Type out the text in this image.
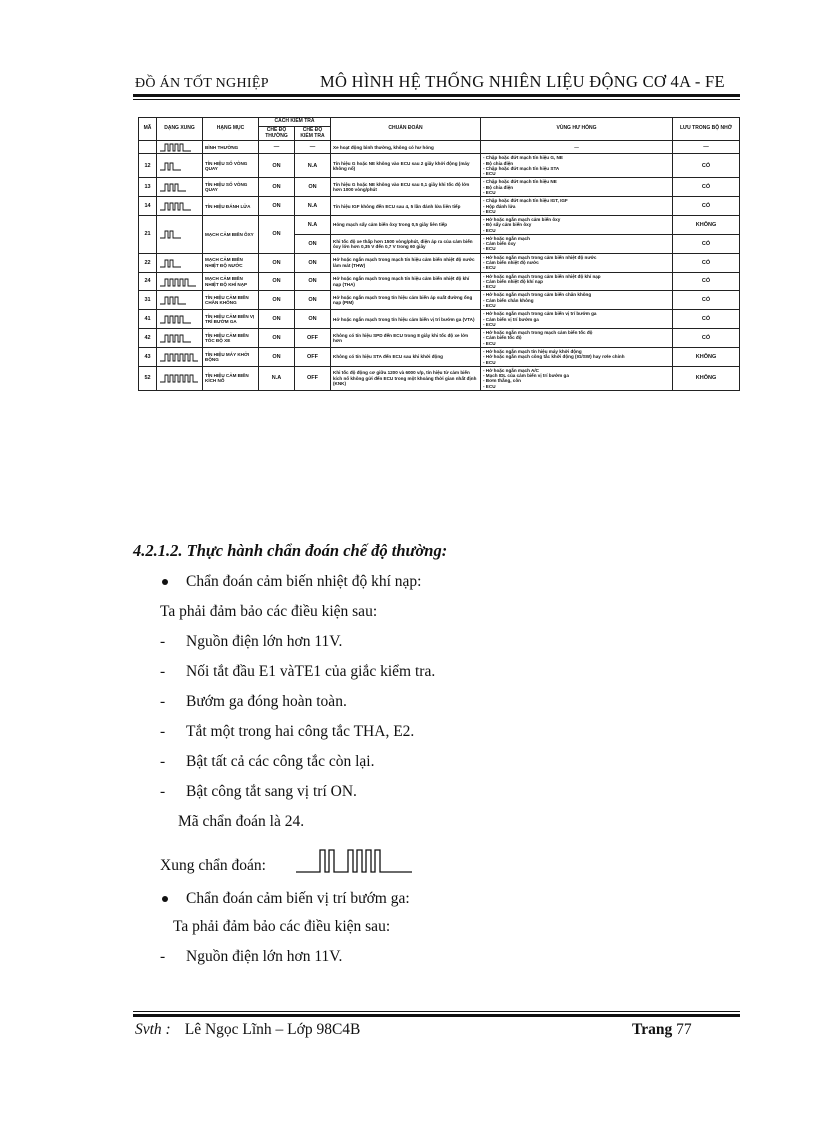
ĐỒ ÁN TỐT NGHIỆP	MÔ HÌNH HỆ THỐNG NHIÊN LIỆU ĐỘNG CƠ 4A - FE
MÃ	DẠNG XUNG	HẠNG MỤC	CÁCH KIỂM TRA		CHUẨN ĐOÁN	VÙNG HƯ HỎNG	LƯU TRONG BỘ NHỚ
			CHẾ ĐỘ THƯỜNG	CHẾ ĐỘ KIỂM TRA			

	BÌNH THƯỜNG	—	—	Xe hoạt động bình thường, không có hư hỏng	—	—
12		TÍN HIỆU SỐ VÒNG QUAY	ON	N.A	Tín hiệu G hoặc NE không vào ECU sau 2 giây khởi động (máy không nổ)	- Chập hoặc đứt mạch tín hiệu G, NE
- Bộ chia điện
- Chập hoặc đứt mạch tín hiệu STA
- ECU	CÓ
13		TÍN HIỆU SỐ VÒNG QUAY	ON	ON	Tín hiệu G hoặc NE không vào ECU sau 0,1 giây khi tốc độ lớn hơn 1000 vòng/phút	- Chập hoặc đứt mạch tín hiệu NE
- Bộ chia điện
- ECU	CÓ
14		TÍN HIỆU ĐÁNH LỬA	ON	N.A	Tín hiệu IGF không đến ECU sau 4, 5 lần đánh lửa liên tiếp	- Chập hoặc đứt mạch tín hiệu IGT, IGF
- Hộp đánh lửa
- ECU	CÓ
21		MẠCH CẢM BIẾN ÔXY	ON	N.A	Hỏng mạch sấy cảm biến ôxy trong 0,5 giây liên tiếp	- Hở hoặc ngắn mạch cảm biến ôxy
- Bộ sấy cảm biến ôxy
- ECU	KHÔNG
				ON	Khi tốc độ xe thấp hơn 1500 vòng/phút, điện áp ra của cảm biến ôxy lớn hơn 0,35 V đến 0,7 V trong 60 giây	- Hở hoặc ngắn mạch
- Cảm biến ôxy
- ECU	CÓ
22		MẠCH CẢM BIẾN NHIỆT ĐỘ NƯỚC	ON	ON	Hở hoặc ngắn mạch trong mạch tín hiệu cảm biến nhiệt độ nước làm mát (THW)	- Hở hoặc ngắn mạch trong cảm biến nhiệt độ nước
- Cảm biến nhiệt độ nước
- ECU	CÓ
24		MẠCH CẢM BIẾN NHIỆT ĐỘ KHÍ NẠP	ON	ON	Hở hoặc ngắn mạch trong mạch tín hiệu cảm biến nhiệt độ khí nạp (THA)	- Hở hoặc ngắn mạch trong cảm biến nhiệt độ khí nạp
- Cảm biến nhiệt độ khí nạp
- ECU	CÓ
31		TÍN HIỆU CẢM BIẾN CHÂN KHÔNG	ON	ON	Hở hoặc ngắn mạch trong tín hiệu cảm biến áp suất đường ống nạp (PIM)	- Hở hoặc ngắn mạch trong cảm biến chân không
- Cảm biến chân không
- ECU	CÓ
41		TÍN HIỆU CẢM BIẾN VỊ TRÍ BƯỚM GA	ON	ON	Hở hoặc ngắn mạch trong tín hiệu cảm biến vị trí bướm ga (VTA)	- Hở hoặc ngắn mạch trong cảm biến vị trí bướm ga
- Cảm biến vị trí bướm ga
- ECU	CÓ
42		TÍN HIỆU CẢM BIẾN TỐC ĐỘ XE	ON	OFF	Không có tín hiệu SPD đến ECU trong 8 giây khi tốc độ xe lớn hơn	- Hở hoặc ngắn mạch trong mạch cảm biến tốc độ
- Cảm biến tốc độ
- ECU	CÓ
43		TÍN HIỆU MÁY KHỞI ĐỘNG	ON	OFF	Không có tín hiệu STA đến ECU sau khi khởi động	- Hở hoặc ngắn mạch tín hiệu máy khởi động
- Hở hoặc ngắn mạch công tắc khởi động (IG/SW) hay rơle chính
- ECU	KHÔNG
52		TÍN HIỆU CẢM BIẾN KÍCH NỔ	N.A	OFF	Khi tốc độ động cơ giữa 1200 và 6000 v/p, tín hiệu từ cảm biến kích nổ không gửi đến ECU trong một khoảng thời gian nhất định (KNK)	- Hở hoặc ngắn mạch A/C
- Mạch IDL của cảm biến vị trí bướm ga
- Bơm thắng, côn
- ECU	KHÔNG
4.2.1.2. Thực hành chẩn đoán chế độ thường:
Chẩn đoán cảm biến nhiệt độ khí nạp:
Ta phải đảm bảo các điều kiện sau:
- Nguồn điện lớn hơn 11V.
- Nối tắt đầu E1 vàTE1 của giắc kiểm tra.
- Bướm ga đóng hoàn toàn.
- Tắt một trong hai công tắc THA, E2.
- Bật tất cả các công tắc còn lại.
- Bật công tắt sang vị trí ON.
Mã chẩn đoán là 24.
Xung chẩn đoán:
Chẩn đoán cảm biến vị trí bướm ga:
Ta phải đảm bảo các điều kiện sau:
- Nguồn điện lớn hơn 11V.
Svth : Lê Ngọc Lĩnh – Lớp 98C4B	Trang 77
